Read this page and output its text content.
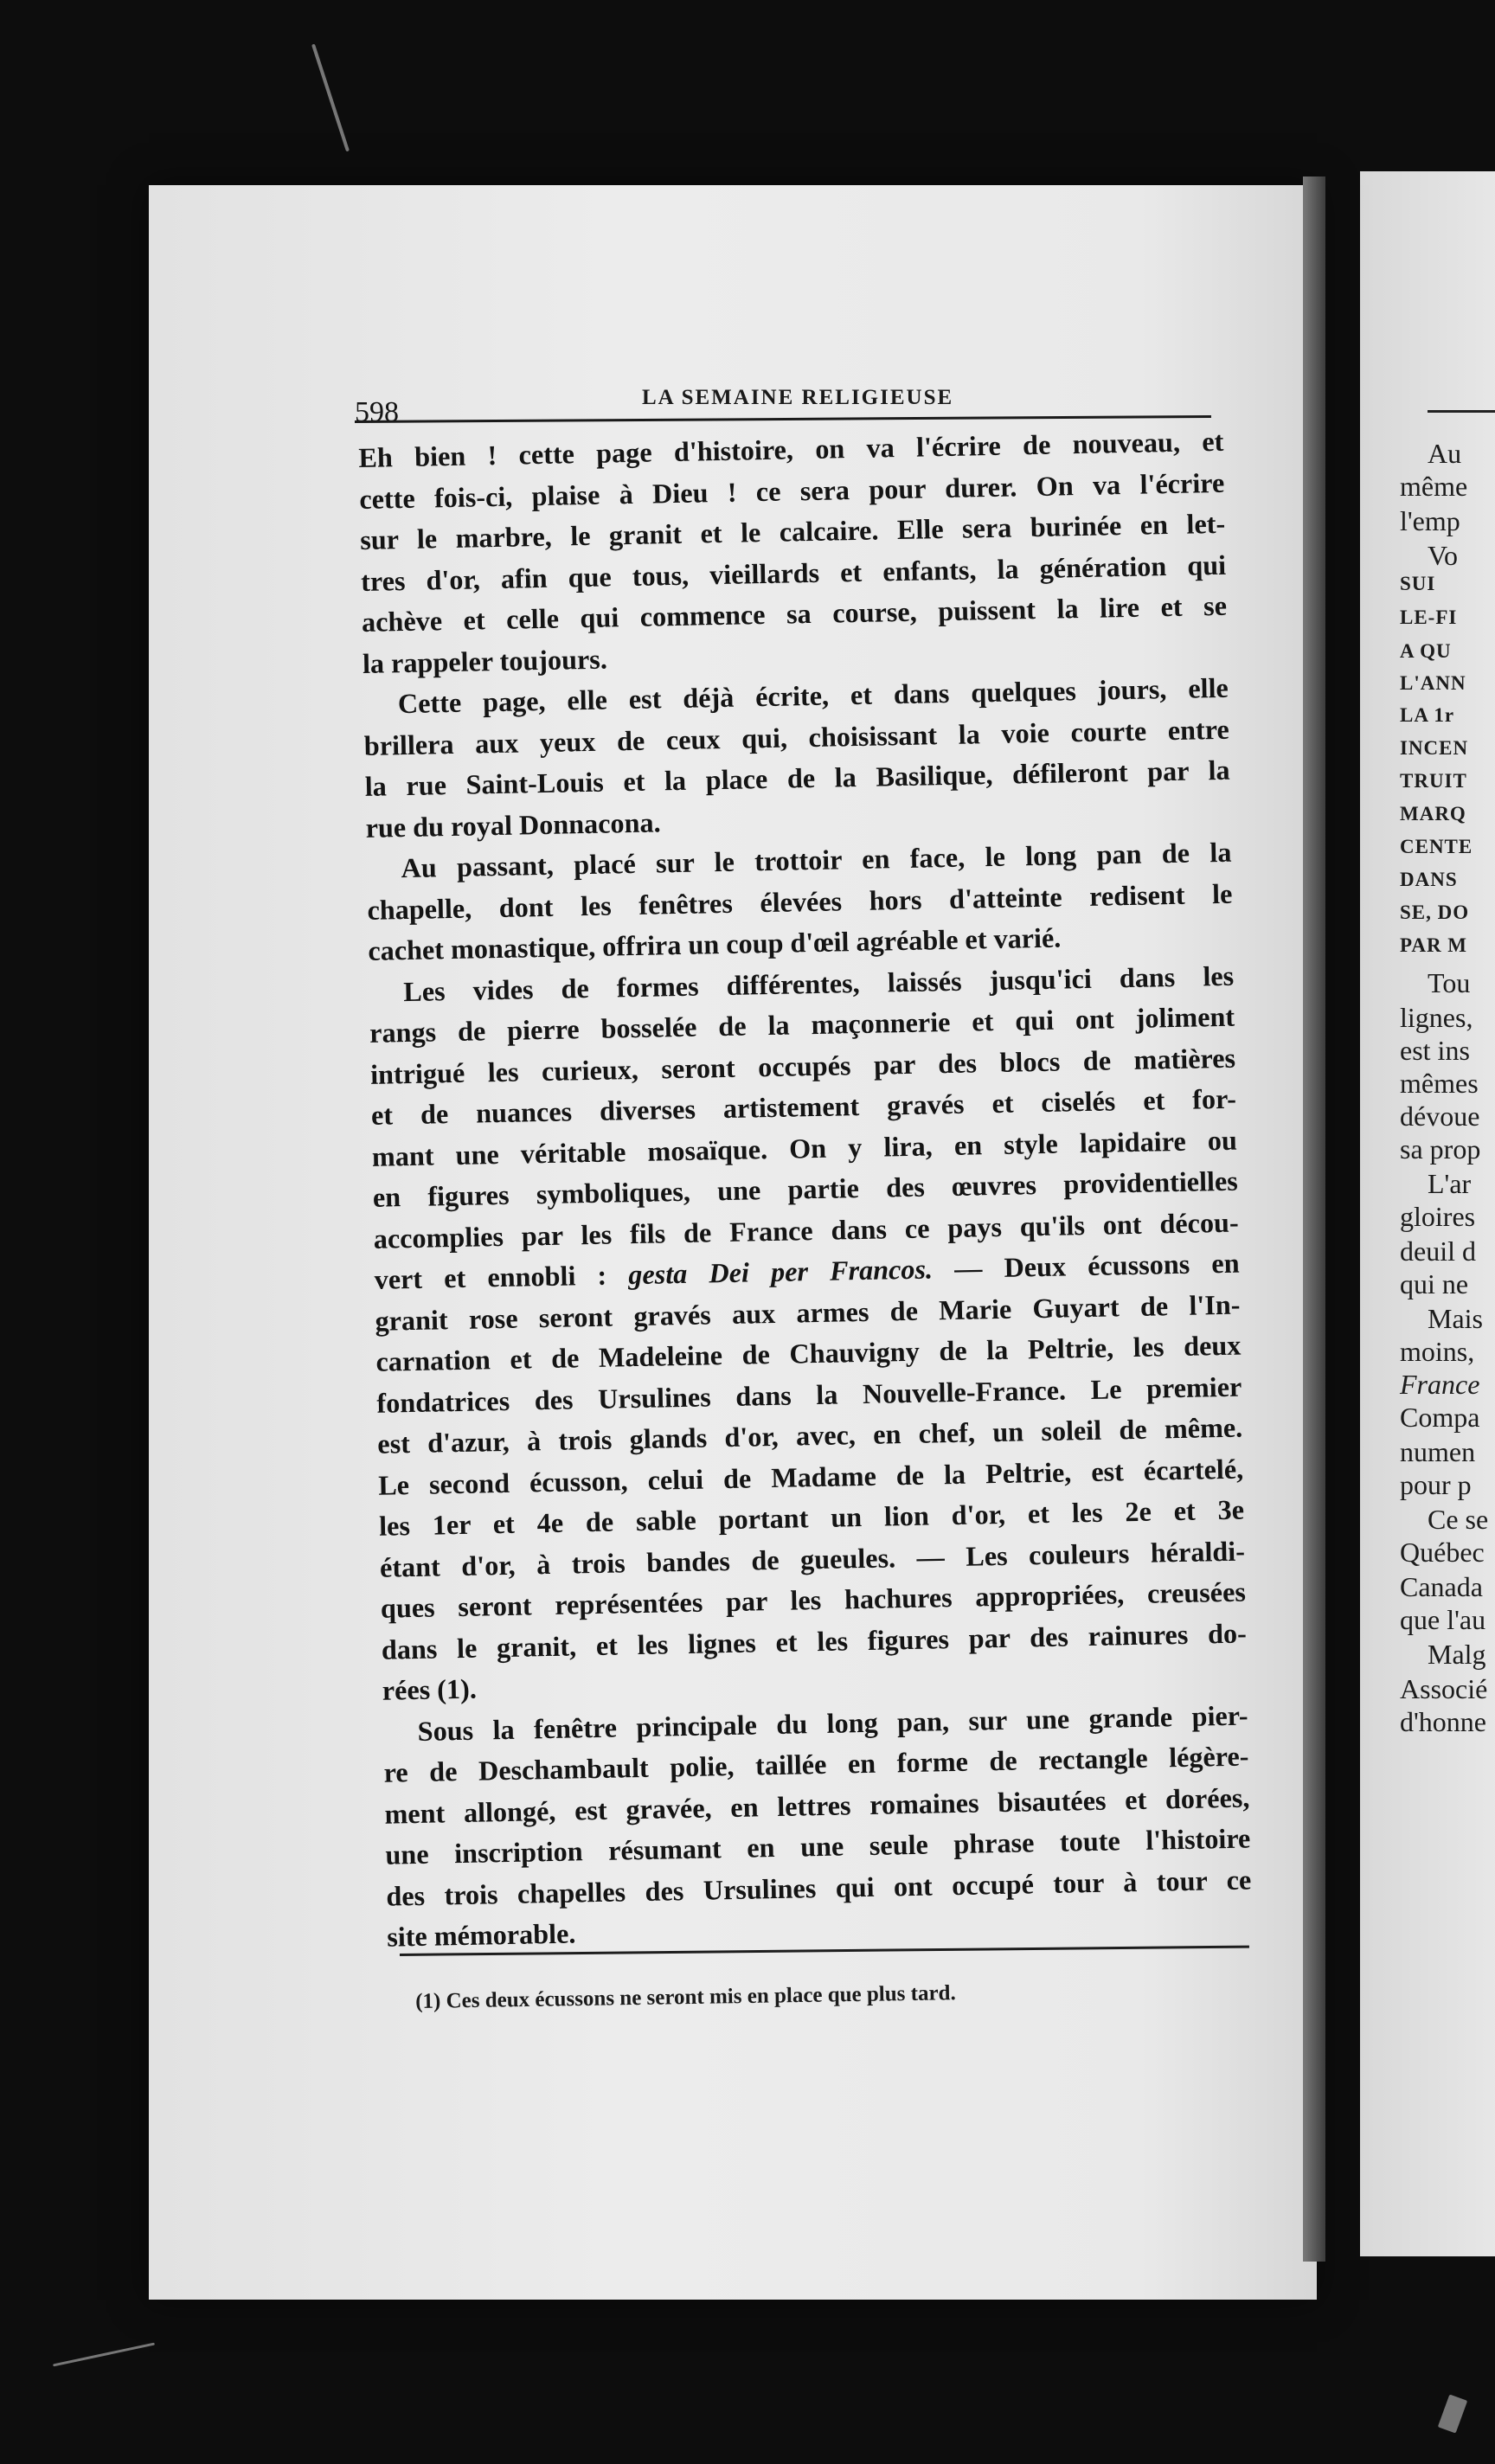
Au
même
l'emp
Vo
SUI
LE-FI
A QU
L'ANN
LA 1r
INCEN
TRUIT
MARQ
CENTE
DANS
SE, DO
PAR M
Tou
lignes,
est ins
mêmes
dévoue
sa prop
L'ar
gloires
deuil d
qui ne
Mais
moins,
France
Compa
numen
pour p
Ce se
Québec
Canada
que l'au
Malg
Associé
d'honne
598	LA SEMAINE RELIGIEUSE
Eh bien ! cette page d'histoire, on va l'écrire de nouveau, et
cette fois-ci, plaise à Dieu ! ce sera pour durer. On va l'écrire
sur le marbre, le granit et le calcaire. Elle sera burinée en let-
tres d'or, afin que tous, vieillards et enfants, la génération qui
achève et celle qui commence sa course, puissent la lire et se
la rappeler toujours.
Cette page, elle est déjà écrite, et dans quelques jours, elle
brillera aux yeux de ceux qui, choisissant la voie courte entre
la rue Saint-Louis et la place de la Basilique, défileront par la
rue du royal Donnacona.
Au passant, placé sur le trottoir en face, le long pan de la
chapelle, dont les fenêtres élevées hors d'atteinte redisent le
cachet monastique, offrira un coup d'œil agréable et varié.
Les vides de formes différentes, laissés jusqu'ici dans les
rangs de pierre bosselée de la maçonnerie et qui ont joliment
intrigué les curieux, seront occupés par des blocs de matières
et de nuances diverses artistement gravés et ciselés et for-
mant une véritable mosaïque. On y lira, en style lapidaire ou
en figures symboliques, une partie des œuvres providentielles
accomplies par les fils de France dans ce pays qu'ils ont décou-
vert et ennobli : gesta Dei per Francos. — Deux écussons en
granit rose seront gravés aux armes de Marie Guyart de l'In-
carnation et de Madeleine de Chauvigny de la Peltrie, les deux
fondatrices des Ursulines dans la Nouvelle-France. Le premier
est d'azur, à trois glands d'or, avec, en chef, un soleil de même.
Le second écusson, celui de Madame de la Peltrie, est écartelé,
les 1er et 4e de sable portant un lion d'or, et les 2e et 3e
étant d'or, à trois bandes de gueules. — Les couleurs héraldi-
ques seront représentées par les hachures appropriées, creusées
dans le granit, et les lignes et les figures par des rainures do-
rées (1).
Sous la fenêtre principale du long pan, sur une grande pier-
re de Deschambault polie, taillée en forme de rectangle légère-
ment allongé, est gravée, en lettres romaines bisautées et dorées,
une inscription résumant en une seule phrase toute l'histoire
des trois chapelles des Ursulines qui ont occupé tour à tour ce
site mémorable.
(1) Ces deux écussons ne seront mis en place que plus tard.
